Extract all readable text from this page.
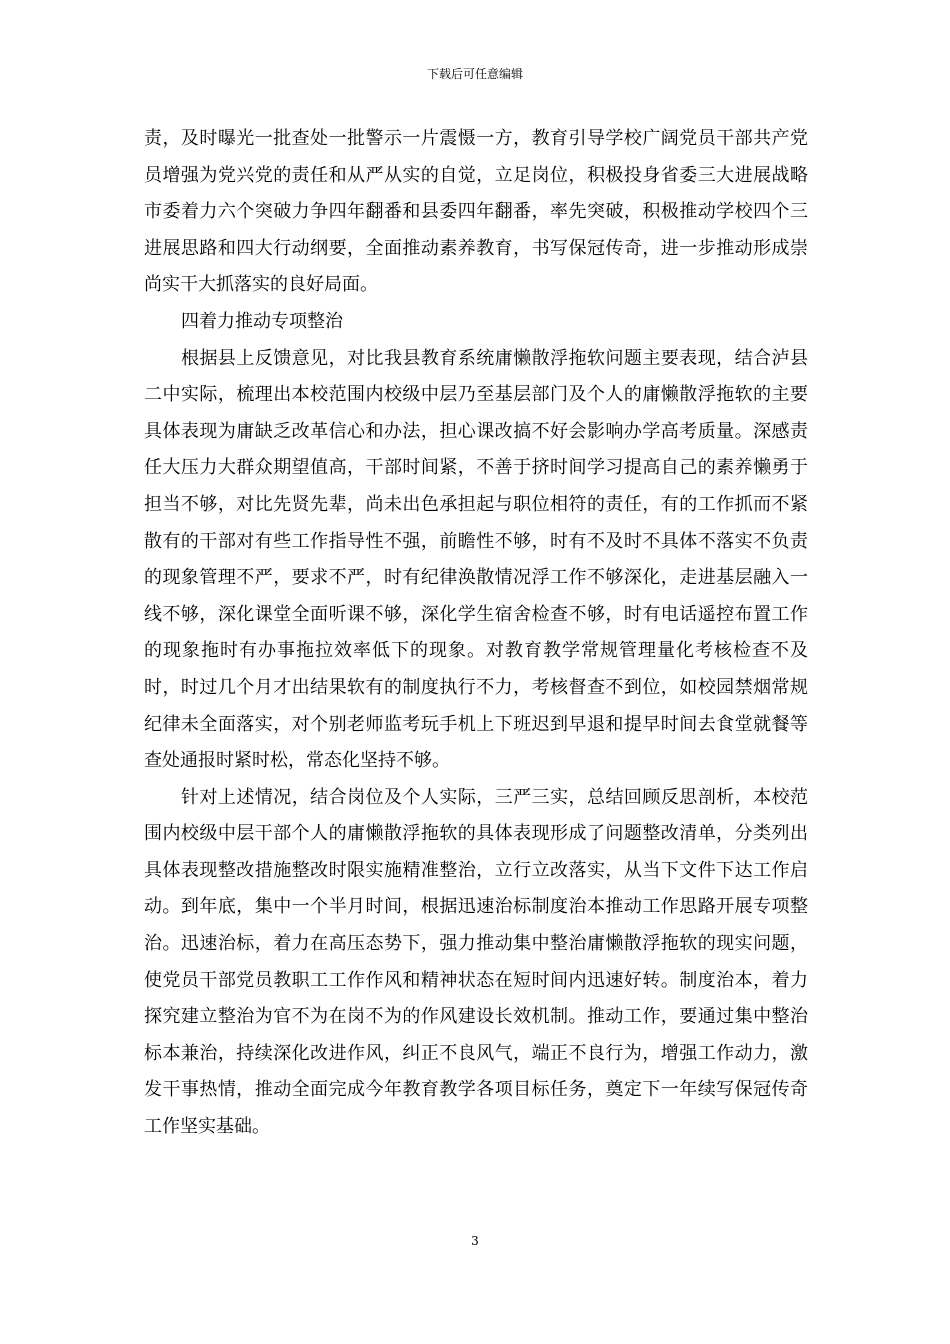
下载后可任意编辑

责，及时曝光一批查处一批警示一片震慑一方，教育引导学校广阔党员干部共产党员增强为党兴党的责任和从严从实的自觉，立足岗位，积极投身省委三大进展战略市委着力六个突破力争四年翻番和县委四年翻番，率先突破，积极推动学校四个三进展思路和四大行动纲要，全面推动素养教育，书写保冠传奇，进一步推动形成崇尚实干大抓落实的良好局面。

四着力推动专项整治

根据县上反馈意见，对比我县教育系统庸懒散浮拖软问题主要表现，结合泸县二中实际，梳理出本校范围内校级中层乃至基层部门及个人的庸懒散浮拖软的主要具体表现为庸缺乏改革信心和办法，担心课改搞不好会影响办学高考质量。深感责任大压力大群众期望值高，干部时间紧，不善于挤时间学习提高自己的素养懒勇于担当不够，对比先贤先辈，尚未出色承担起与职位相符的责任，有的工作抓而不紧散有的干部对有些工作指导性不强，前瞻性不够，时有不及时不具体不落实不负责的现象管理不严，要求不严，时有纪律涣散情况浮工作不够深化，走进基层融入一线不够，深化课堂全面听课不够，深化学生宿舍检查不够，时有电话遥控布置工作的现象拖时有办事拖拉效率低下的现象。对教育教学常规管理量化考核检查不及时，时过几个月才出结果软有的制度执行不力，考核督查不到位，如校园禁烟常规纪律未全面落实，对个别老师监考玩手机上下班迟到早退和提早时间去食堂就餐等查处通报时紧时松，常态化坚持不够。

针对上述情况，结合岗位及个人实际，三严三实，总结回顾反思剖析，本校范围内校级中层干部个人的庸懒散浮拖软的具体表现形成了问题整改清单，分类列出具体表现整改措施整改时限实施精准整治，立行立改落实，从当下文件下达工作启动。到年底，集中一个半月时间，根据迅速治标制度治本推动工作思路开展专项整治。迅速治标，着力在高压态势下，强力推动集中整治庸懒散浮拖软的现实问题，使党员干部党员教职工工作作风和精神状态在短时间内迅速好转。制度治本，着力探究建立整治为官不为在岗不为的作风建设长效机制。推动工作，要通过集中整治标本兼治，持续深化改进作风，纠正不良风气，端正不良行为，增强工作动力，激发干事热情，推动全面完成今年教育教学各项目标任务，奠定下一年续写保冠传奇工作坚实基础。

3
